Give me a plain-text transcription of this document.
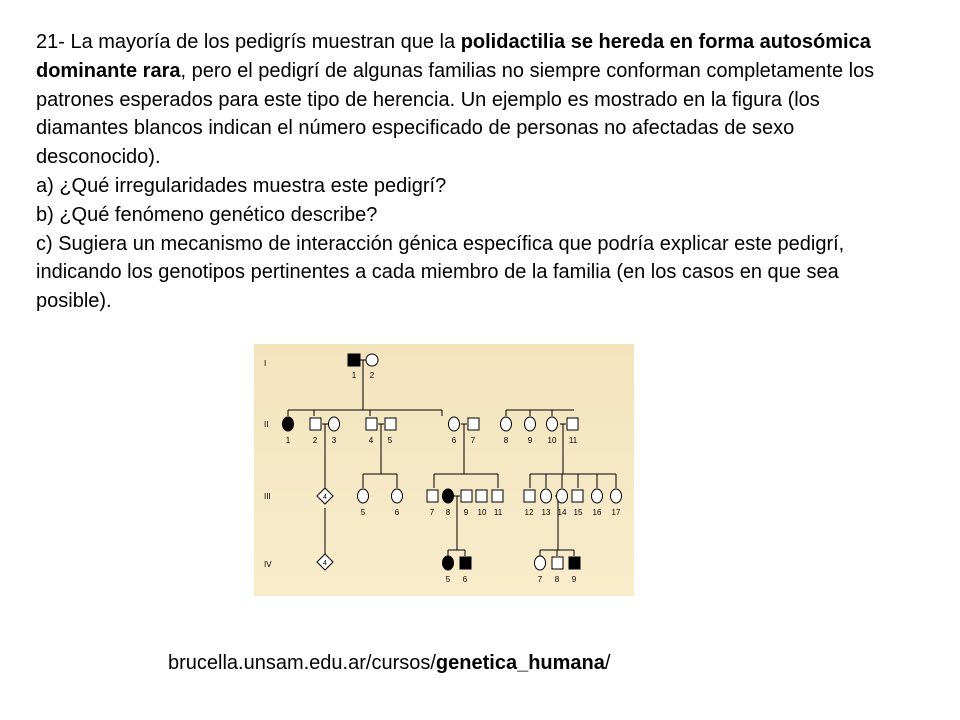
21- La mayoría de los pedigrís muestran que la polidactilia se hereda en forma autosómica dominante rara, pero el pedigrí de algunas familias no siempre conforman completamente los patrones esperados para este tipo de herencia. Un ejemplo es mostrado en la figura (los diamantes blancos indican el número especificado de personas no afectadas de sexo desconocido).

a) ¿Qué irregularidades muestra este pedigrí?

b) ¿Qué fenómeno genético describe?

c) Sugiera un mecanismo de interacción génica específica que podría explicar este pedigrí,

indicando los genotipos pertinentes a cada miembro de la familia (en los casos en que sea

posible).

I
II
III
IV
1 2
1	2 3	4 5	6 7	8 9 10 11
4
5	6	7 8 9 10 11	12 13 14 15 16 17
4
5 6	7 8 9

brucella.unsam.edu.ar/cursos/genetica_humana/
